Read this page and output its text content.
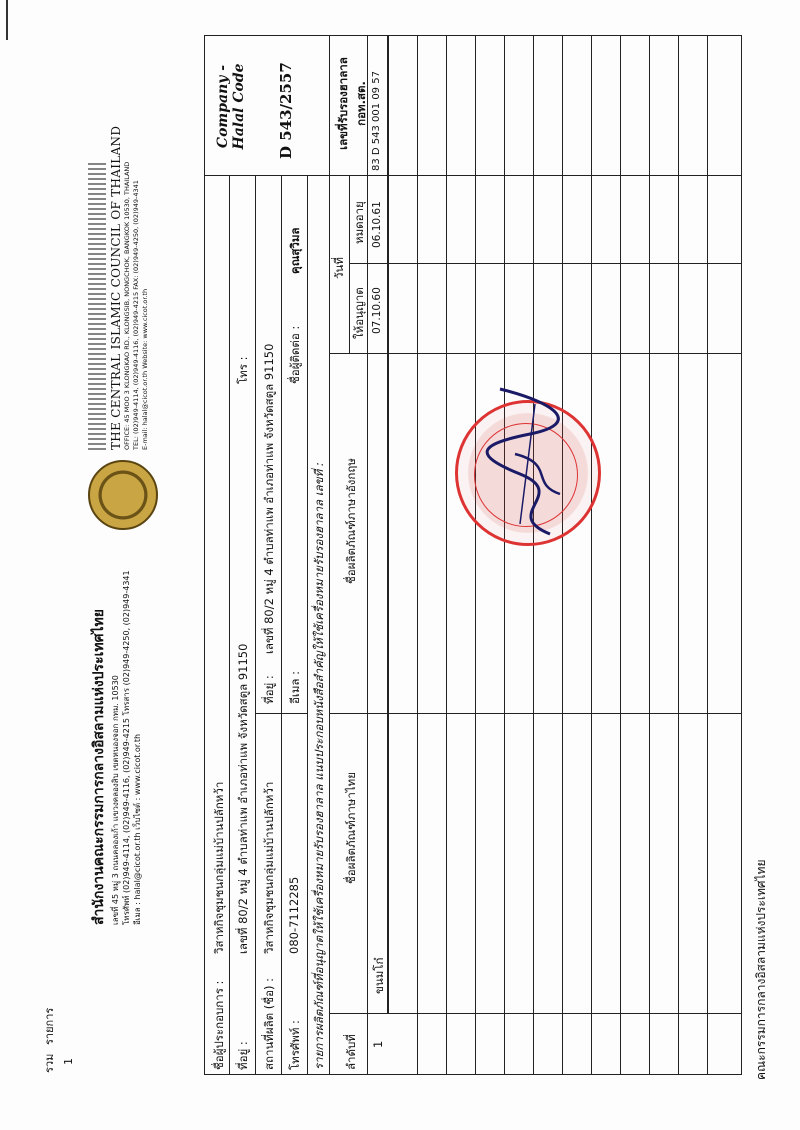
สำนักงานคณะกรรมการกลางอิสลามแห่งประเทศไทย เลขที่ 45 หมู่ 3 ถนนคลองเก้า แขวงคลองสิบ เขตหนองจอก กทม. 10530 โทรศัพท์ (02)949-4114, (02)949-4116, (02)949-4215 โทรสาร (02)949-4250, (02)949-4341 อีเมล : halal@cicot.or.th เว็บไซต์ : www.cicot.or.th
THE CENTRAL ISLAMIC COUNCIL OF THAILAND OFFICE: 45 MOO 3 KLONGKAO RD., KLONGSIB, NONGCHOK, BANGKOK 10530, THAILAND TEL: (02)949-4114, (02)949-4116, (02)949-4215 FAX: (02)949-4250, (02)949-4341 E-mail: halal@cicot.or.th Website: www.cicot.or.th
ชื่อผู้ประกอบการ :
วิสาหกิจชุมชนกลุ่มแม่บ้านปลักหว้า
ที่อยู่ :
เลขที่ 80/2 หมู่ 4 ตำบลท่าแพ อำเภอท่าแพ จังหวัดสตูล 91150
โทร :
สถานที่ผลิต (ชื่อ) :
วิสาหกิจชุมชนกลุ่มแม่บ้านปลักหว้า
ที่อยู่ :
เลขที่ 80/2 หมู่ 4 ตำบลท่าแพ อำเภอท่าแพ จังหวัดสตูล 91150
โทรศัพท์ :
080-7112285
อีเมล :
ชื่อผู้ติดต่อ :
คุณสุวิมล
รายการผลิตภัณฑ์ที่อนุญาตให้ใช้เครื่องหมายรับรองฮาลาล แนบประกอบหนังสือสำคัญให้ใช้เครื่องหมายรับรองฮาลาล เลขที่ :
Company - Halal Code D 543/2557
ลำดับที่
ชื่อผลิตภัณฑ์ภาษาไทย
ชื่อผลิตภัณฑ์ภาษาอังกฤษ
วันที่
ให้อนุญาต
หมดอายุ
เลขที่รับรองฮาลาล กอท.สต.
1
ขนมโก๋
07.10.60
06.10.61
83 D 543 001 09 57
รวม 1
รายการ	คณะกรรมการกลางอิสลามแห่งประเทศไทย
